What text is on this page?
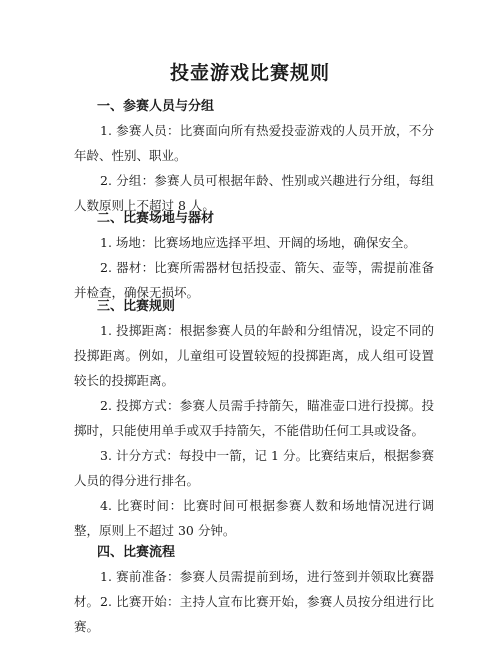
投壶游戏比赛规则
一、参赛人员与分组
1. 参赛人员：比赛面向所有热爱投壶游戏的人员开放，不分年龄、性别、职业。
2. 分组：参赛人员可根据年龄、性别或兴趣进行分组，每组人数原则上不超过 8 人。
二、比赛场地与器材
1. 场地：比赛场地应选择平坦、开阔的场地，确保安全。
2. 器材：比赛所需器材包括投壶、箭矢、壶等，需提前准备并检查，确保无损坏。
三、比赛规则
1. 投掷距离：根据参赛人员的年龄和分组情况，设定不同的投掷距离。例如，儿童组可设置较短的投掷距离，成人组可设置较长的投掷距离。
2. 投掷方式：参赛人员需手持箭矢，瞄准壶口进行投掷。投掷时，只能使用单手或双手持箭矢，不能借助任何工具或设备。
3. 计分方式：每投中一箭，记 1 分。比赛结束后，根据参赛人员的得分进行排名。
4. 比赛时间：比赛时间可根据参赛人数和场地情况进行调整，原则上不超过 30 分钟。
四、比赛流程
1. 赛前准备：参赛人员需提前到场，进行签到并领取比赛器材。 2. 比赛开始：主持人宣布比赛开始，参赛人员按分组进行比赛。
